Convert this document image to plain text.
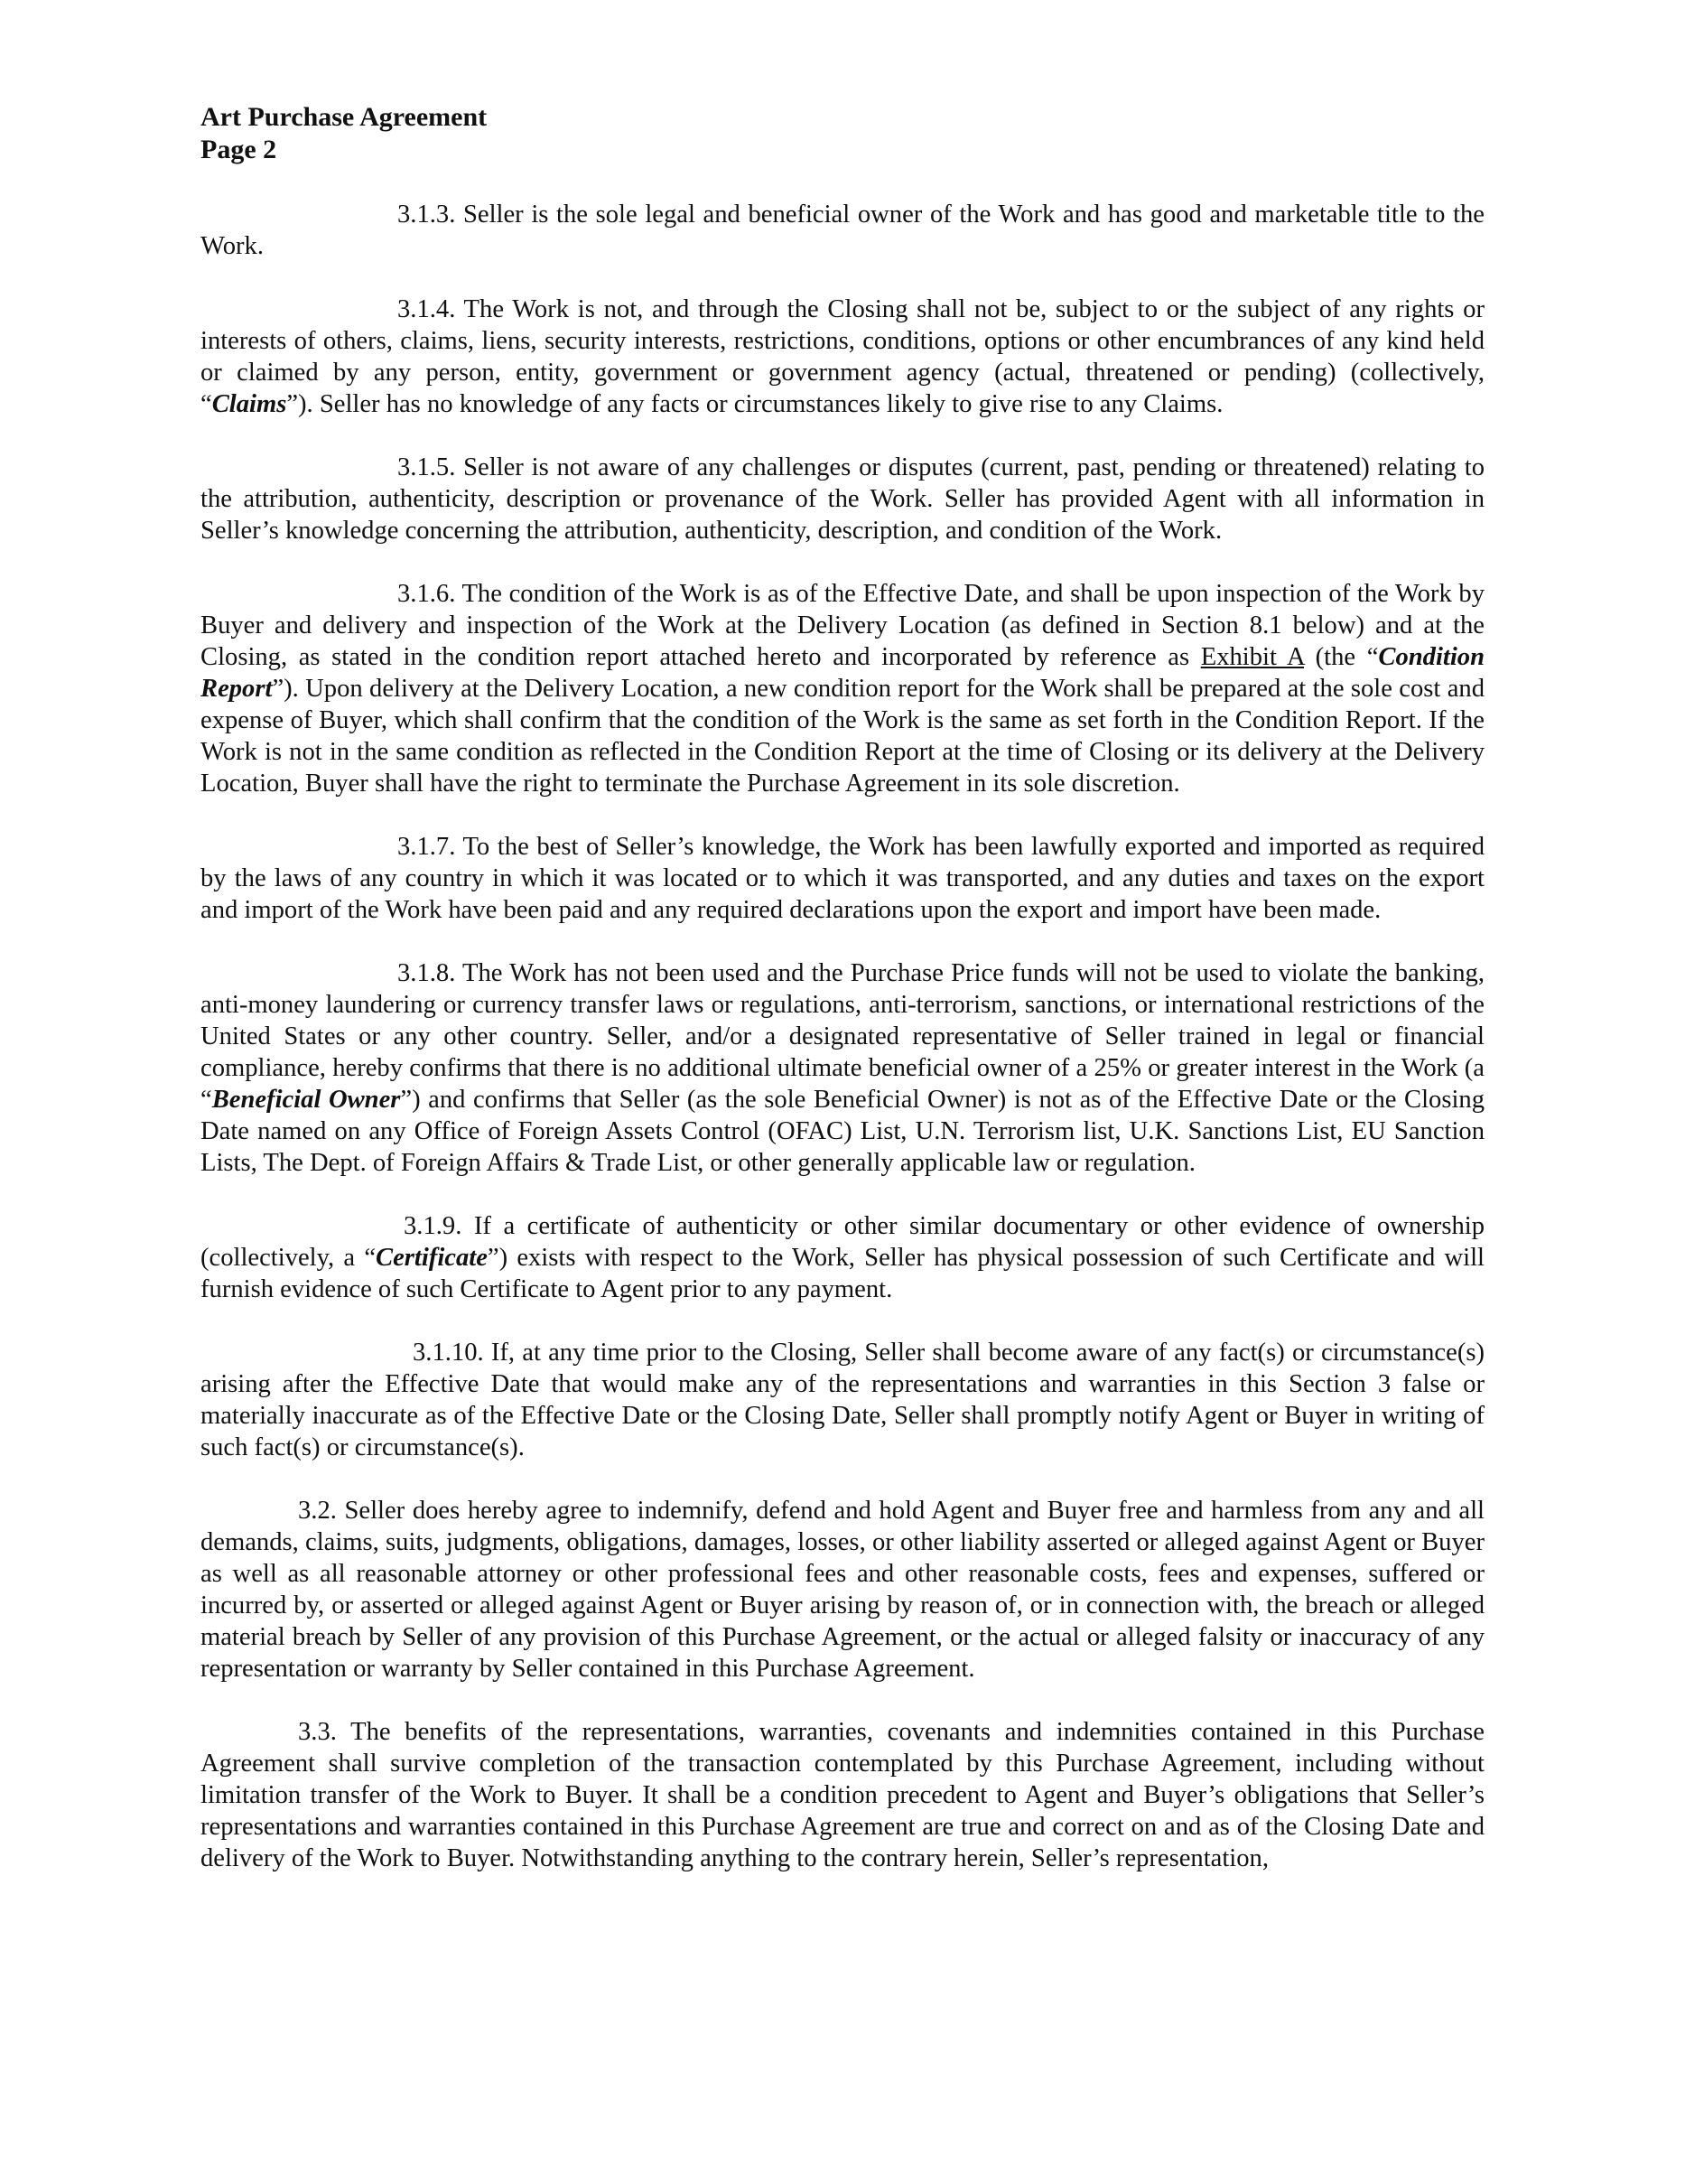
Art Purchase Agreement
Page 2

3.1.3. Seller is the sole legal and beneficial owner of the Work and has good and marketable title to the Work.

3.1.4. The Work is not, and through the Closing shall not be, subject to or the subject of any rights or interests of others, claims, liens, security interests, restrictions, conditions, options or other encumbrances of any kind held or claimed by any person, entity, government or government agency (actual, threatened or pending) (collectively, “Claims”). Seller has no knowledge of any facts or circumstances likely to give rise to any Claims.

3.1.5. Seller is not aware of any challenges or disputes (current, past, pending or threatened) relating to the attribution, authenticity, description or provenance of the Work. Seller has provided Agent with all information in Seller’s knowledge concerning the attribution, authenticity, description, and condition of the Work.

3.1.6. The condition of the Work is as of the Effective Date, and shall be upon inspection of the Work by Buyer and delivery and inspection of the Work at the Delivery Location (as defined in Section 8.1 below) and at the Closing, as stated in the condition report attached hereto and incorporated by reference as Exhibit A (the “Condition Report”). Upon delivery at the Delivery Location, a new condition report for the Work shall be prepared at the sole cost and expense of Buyer, which shall confirm that the condition of the Work is the same as set forth in the Condition Report. If the Work is not in the same condition as reflected in the Condition Report at the time of Closing or its delivery at the Delivery Location, Buyer shall have the right to terminate the Purchase Agreement in its sole discretion.

3.1.7. To the best of Seller’s knowledge, the Work has been lawfully exported and imported as required by the laws of any country in which it was located or to which it was transported, and any duties and taxes on the export and import of the Work have been paid and any required declarations upon the export and import have been made.

3.1.8. The Work has not been used and the Purchase Price funds will not be used to violate the banking, anti-money laundering or currency transfer laws or regulations, anti-terrorism, sanctions, or international restrictions of the United States or any other country. Seller, and/or a designated representative of Seller trained in legal or financial compliance, hereby confirms that there is no additional ultimate beneficial owner of a 25% or greater interest in the Work (a “Beneficial Owner”) and confirms that Seller (as the sole Beneficial Owner) is not as of the Effective Date or the Closing Date named on any Office of Foreign Assets Control (OFAC) List, U.N. Terrorism list, U.K. Sanctions List, EU Sanction Lists, The Dept. of Foreign Affairs & Trade List, or other generally applicable law or regulation.

3.1.9. If a certificate of authenticity or other similar documentary or other evidence of ownership (collectively, a “Certificate”) exists with respect to the Work, Seller has physical possession of such Certificate and will furnish evidence of such Certificate to Agent prior to any payment.

3.1.10. If, at any time prior to the Closing, Seller shall become aware of any fact(s) or circumstance(s) arising after the Effective Date that would make any of the representations and warranties in this Section 3 false or materially inaccurate as of the Effective Date or the Closing Date, Seller shall promptly notify Agent or Buyer in writing of such fact(s) or circumstance(s).

3.2. Seller does hereby agree to indemnify, defend and hold Agent and Buyer free and harmless from any and all demands, claims, suits, judgments, obligations, damages, losses, or other liability asserted or alleged against Agent or Buyer as well as all reasonable attorney or other professional fees and other reasonable costs, fees and expenses, suffered or incurred by, or asserted or alleged against Agent or Buyer arising by reason of, or in connection with, the breach or alleged material breach by Seller of any provision of this Purchase Agreement, or the actual or alleged falsity or inaccuracy of any representation or warranty by Seller contained in this Purchase Agreement.

3.3. The benefits of the representations, warranties, covenants and indemnities contained in this Purchase Agreement shall survive completion of the transaction contemplated by this Purchase Agreement, including without limitation transfer of the Work to Buyer. It shall be a condition precedent to Agent and Buyer’s obligations that Seller’s representations and warranties contained in this Purchase Agreement are true and correct on and as of the Closing Date and delivery of the Work to Buyer. Notwithstanding anything to the contrary herein, Seller’s representation,
